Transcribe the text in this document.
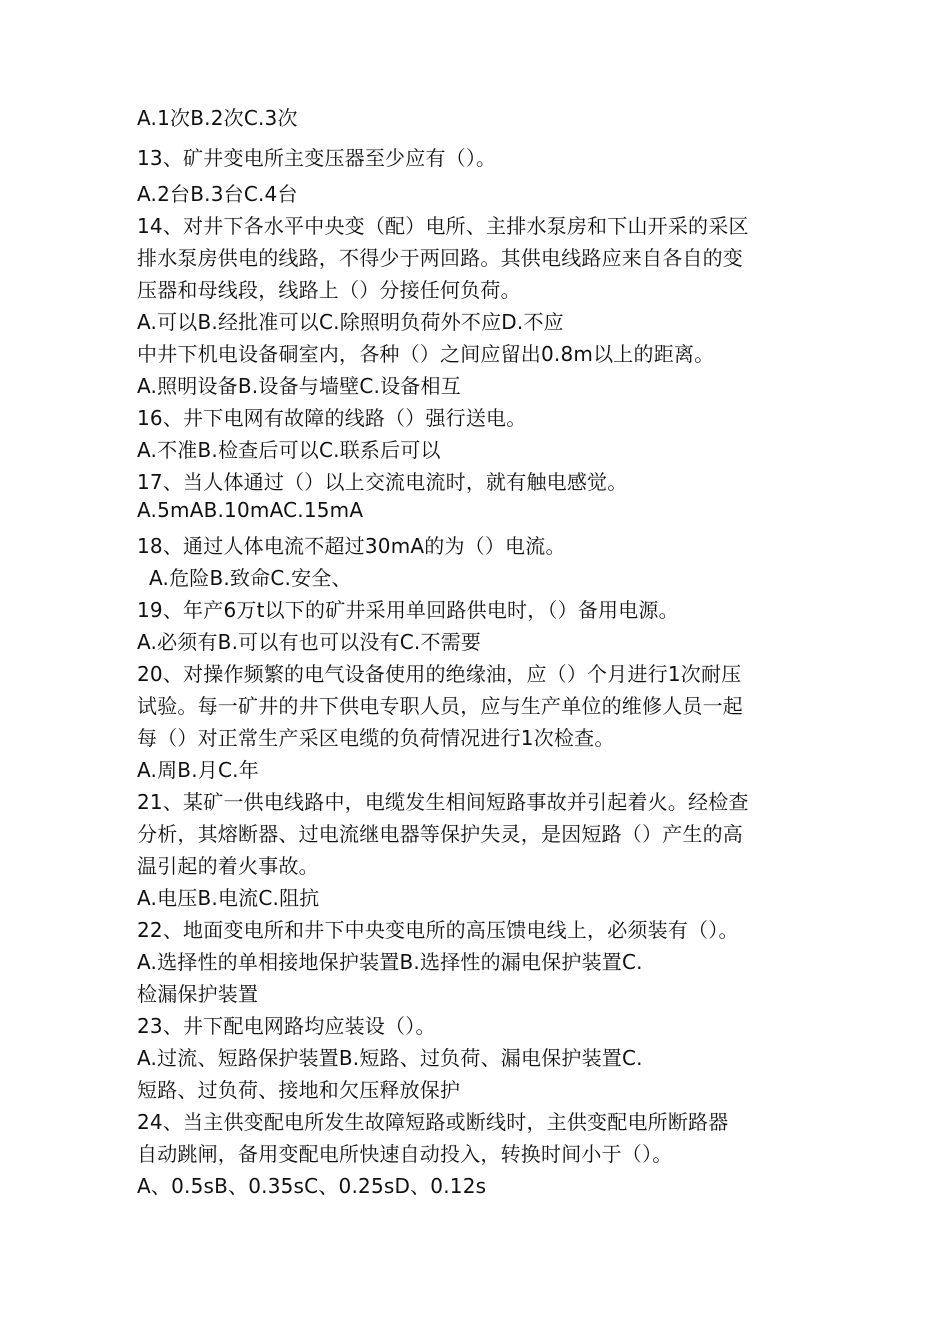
A.1次B.2次C.3次
13、矿井变电所主变压器至少应有（）。
A.2台B.3台C.4台
14、对井下各水平中央变（配）电所、主排水泵房和下山开采的采区
排水泵房供电的线路，不得少于两回路。其供电线路应来自各自的变
压器和母线段，线路上（）分接任何负荷。
A.可以B.经批准可以C.除照明负荷外不应D.不应
中井下机电设备硐室内，各种（）之间应留出0.8m以上的距离。
A.照明设备B.设备与墙壁C.设备相互
16、井下电网有故障的线路（）强行送电。
A.不准B.检查后可以C.联系后可以
17、当人体通过（）以上交流电流时，就有触电感觉。
A.5mAB.10mAC.15mA
18、通过人体电流不超过30mA的为（）电流。
A.危险B.致命C.安全、
19、年产6万t以下的矿井采用单回路供电时，（）备用电源。
A.必须有B.可以有也可以没有C.不需要
20、对操作频繁的电气设备使用的绝缘油，应（）个月进行1次耐压
试验。每一矿井的井下供电专职人员，应与生产单位的维修人员一起
每（）对正常生产采区电缆的负荷情况进行1次检查。
A.周B.月C.年
21、某矿一供电线路中，电缆发生相间短路事故并引起着火。经检查
分析，其熔断器、过电流继电器等保护失灵，是因短路（）产生的高
温引起的着火事故。
A.电压B.电流C.阻抗
22、地面变电所和井下中央变电所的高压馈电线上，必须装有（）。
A.选择性的单相接地保护装置B.选择性的漏电保护装置C.
检漏保护装置
23、井下配电网路均应装设（）。
A.过流、短路保护装置B.短路、过负荷、漏电保护装置C.
短路、过负荷、接地和欠压释放保护
24、当主供变配电所发生故障短路或断线时，主供变配电所断路器
自动跳闸，备用变配电所快速自动投入，转换时间小于（）。
A、0.5sB、0.35sC、0.25sD、0.12s
